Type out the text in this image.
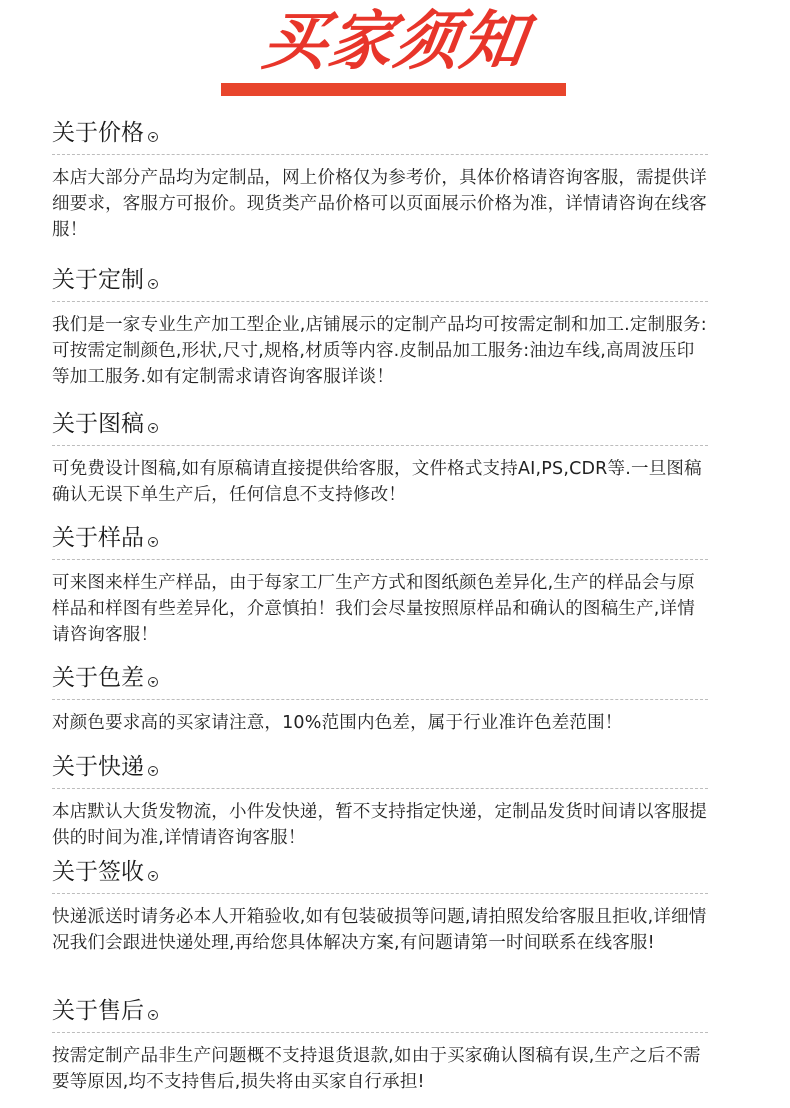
买家须知
关于价格
本店大部分产品均为定制品，网上价格仅为参考价，具体价格请咨询客服，需提供详细要求，客服方可报价。现货类产品价格可以页面展示价格为准，详情请咨询在线客服！
关于定制
我们是一家专业生产加工型企业,店铺展示的定制产品均可按需定制和加工.定制服务:可按需定制颜色,形状,尺寸,规格,材质等内容.皮制品加工服务:油边车线,高周波压印等加工服务.如有定制需求请咨询客服详谈！
关于图稿
可免费设计图稿,如有原稿请直接提供给客服，文件格式支持AI,PS,CDR等.一旦图稿确认无误下单生产后，任何信息不支持修改！
关于样品
可来图来样生产样品，由于每家工厂生产方式和图纸颜色差异化,生产的样品会与原样品和样图有些差异化，介意慎拍！我们会尽量按照原样品和确认的图稿生产,详情请咨询客服！
关于色差
对颜色要求高的买家请注意，10%范围内色差，属于行业准许色差范围！
关于快递
本店默认大货发物流，小件发快递，暂不支持指定快递，定制品发货时间请以客服提供的时间为准,详情请咨询客服！
关于签收
快递派送时请务必本人开箱验收,如有包装破损等问题,请拍照发给客服且拒收,详细情况我们会跟进快递处理,再给您具体解决方案,有问题请第一时间联系在线客服!
关于售后
按需定制产品非生产问题概不支持退货退款,如由于买家确认图稿有误,生产之后不需要等原因,均不支持售后,损失将由买家自行承担!
